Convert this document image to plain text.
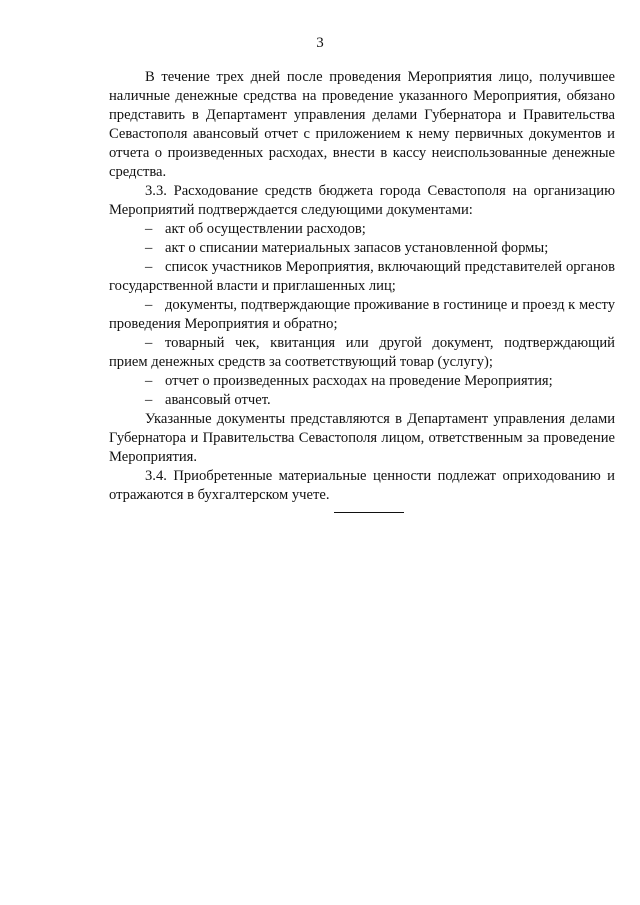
3

В течение трех дней после проведения Мероприятия лицо, получившее наличные денежные средства на проведение указанного Мероприятия, обязано представить в Департамент управления делами Губернатора и Правительства Севастополя авансовый отчет с приложением к нему первичных документов и отчета о произведенных расходах, внести в кассу неиспользованные денежные средства.

3.3. Расходование средств бюджета города Севастополя на организацию Мероприятий подтверждается следующими документами:

– акт об осуществлении расходов;

– акт о списании материальных запасов установленной формы;

– список участников Мероприятия, включающий представителей органов государственной власти и приглашенных лиц;

– документы, подтверждающие проживание в гостинице и проезд к месту проведения Мероприятия и обратно;

– товарный чек, квитанция или другой документ, подтверждающий прием денежных средств за соответствующий товар (услугу);

– отчет о произведенных расходах на проведение Мероприятия;

– авансовый отчет.

Указанные документы представляются в Департамент управления делами Губернатора и Правительства Севастополя лицом, ответственным за проведение Мероприятия.

3.4. Приобретенные материальные ценности подлежат оприходованию и отражаются в бухгалтерском учете.
